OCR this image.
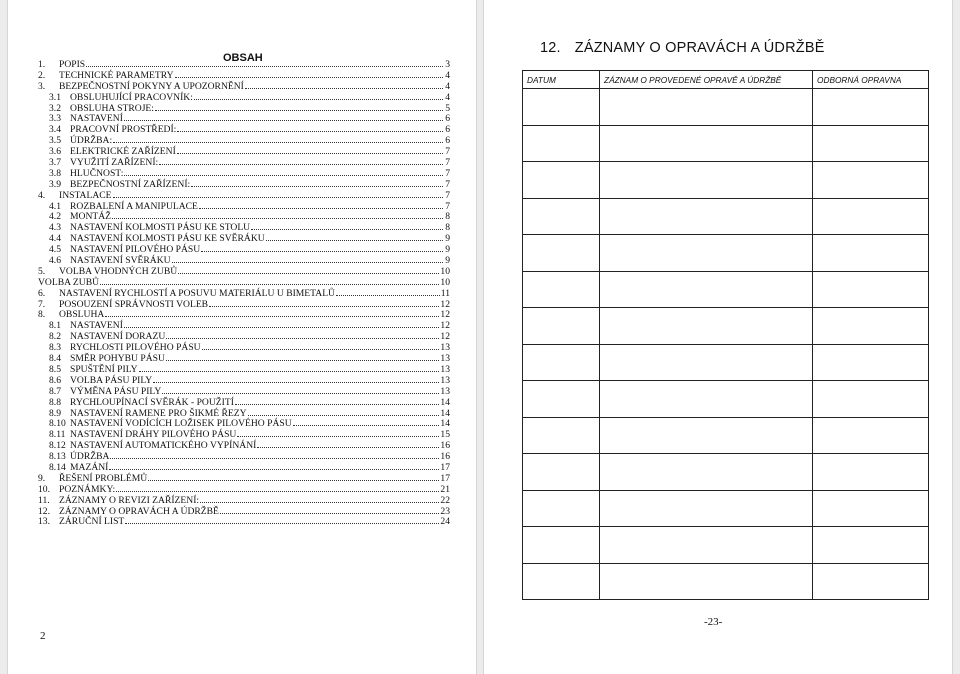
OBSAH
1.	POPIS	3
2.	TECHNICKÉ PARAMETRY	4
3.	BEZPEČNOSTNÍ POKYNY A UPOZORNĚNÍ	4
3.1 OBSLUHUJÍCÍ PRACOVNÍK:	4
3.2 OBSLUHA STROJE:	5
3.3 NASTAVENÍ	6
3.4 PRACOVNÍ PROSTŘEDÍ:	6
3.5 ÚDRŽBA:	6
3.6 ELEKTRICKÉ ZAŘÍZENÍ	7
3.7 VYUŽITÍ ZAŘÍZENÍ:	7
3.8 HLUČNOST:	7
3.9 BEZPEČNOSTNÍ ZAŘÍZENÍ:	7
4.	INSTALACE	7
4.1 ROZBALENÍ A MANIPULACE	7
4.2 MONTÁŽ	8
4.3 NASTAVENÍ KOLMOSTI PÁSU KE STOLU	8
4.4 NASTAVENÍ KOLMOSTI PÁSU KE SVĚRÁKU	9
4.5 NASTAVENÍ PILOVÉHO PÁSU	9
4.6 NASTAVENÍ SVĚRÁKU	9
5.	VOLBA VHODNÝCH ZUBŮ	10
VOLBA ZUBŮ	10
6.	NASTAVENÍ RYCHLOSTÍ A POSUVU MATERIÁLU U BIMETALŮ	11
7.	POSOUZENÍ SPRÁVNOSTI VOLEB	12
8.	OBSLUHA	12
8.1 NASTAVENÍ	12
8.2 NASTAVENÍ DORAZU	12
8.3 RYCHLOSTI PILOVÉHO PÁSU	13
8.4 SMĚR POHYBU PÁSU	13
8.5 SPUŠTĚNÍ PILY	13
8.6 VOLBA PÁSU PILY	13
8.7 VÝMĚNA PÁSU PILY	13
8.8 RYCHLOUPÍNACÍ SVĚRÁK - POUŽITÍ	14
8.9 NASTAVENÍ RAMENE PRO ŠIKMÉ ŘEZY	14
8.10 NASTAVENÍ VODÍCÍCH LOŽISEK PILOVÉHO PÁSU	14
8.11 NASTAVENÍ DRÁHY PILOVÉHO PÁSU	15
8.12 NASTAVENÍ AUTOMATICKÉHO VYPÍNÁNÍ	16
8.13 ÚDRŽBA	16
8.14 MAZÁNÍ	17
9.	ŘEŠENÍ PROBLÉMŮ	17
10. POZNÁMKY:	21
11. ZÁZNAMY O REVIZI ZAŘÍZENÍ:	22
12. ZÁZNAMY O OPRAVÁCH A ÚDRŽBĚ	23
13. ZÁRUČNÍ LIST	24
2
12. ZÁZNAMY O OPRAVÁCH A ÚDRŽBĚ
DATUM	ZÁZNAM O PROVEDENÉ OPRAVĚ A ÚDRŽBĚ	ODBORNÁ OPRAVNA

-23-
